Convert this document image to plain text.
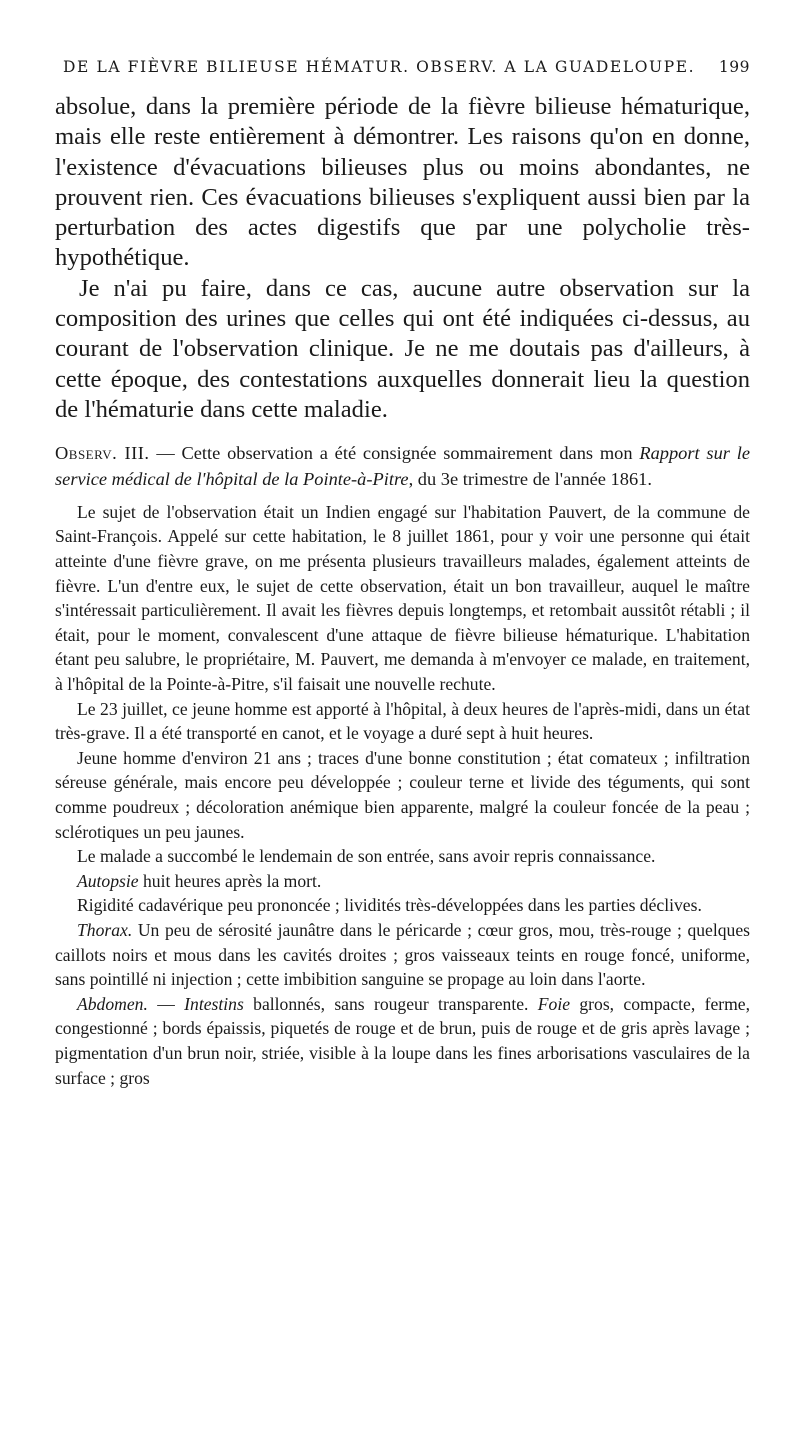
DE LA FIÈVRE BILIEUSE HÉMATUR. OBSERV. A LA GUADELOUPE. 199

absolue, dans la première période de la fièvre bilieuse hématurique, mais elle reste entièrement à démontrer. Les raisons qu'on en donne, l'existence d'évacuations bilieuses plus ou moins abondantes, ne prouvent rien. Ces évacuations bilieuses s'expliquent aussi bien par la perturbation des actes digestifs que par une polycholie très-hypothétique.

Je n'ai pu faire, dans ce cas, aucune autre observation sur la composition des urines que celles qui ont été indiquées ci-dessus, au courant de l'observation clinique. Je ne me doutais pas d'ailleurs, à cette époque, des contestations auxquelles donnerait lieu la question de l'hématurie dans cette maladie.

Observ. III. — Cette observation a été consignée sommairement dans mon Rapport sur le service médical de l'hôpital de la Pointe-à-Pitre, du 3e trimestre de l'année 1861.

Le sujet de l'observation était un Indien engagé sur l'habitation Pauvert, de la commune de Saint-François. Appelé sur cette habitation, le 8 juillet 1861, pour y voir une personne qui était atteinte d'une fièvre grave, on me présenta plusieurs travailleurs malades, également atteints de fièvre. L'un d'entre eux, le sujet de cette observation, était un bon travailleur, auquel le maître s'intéressait particulièrement. Il avait les fièvres depuis longtemps, et retombait aussitôt rétabli ; il était, pour le moment, convalescent d'une attaque de fièvre bilieuse hématurique. L'habitation étant peu salubre, le propriétaire, M. Pauvert, me demanda à m'envoyer ce malade, en traitement, à l'hôpital de la Pointe-à-Pitre, s'il faisait une nouvelle rechute.

Le 23 juillet, ce jeune homme est apporté à l'hôpital, à deux heures de l'après-midi, dans un état très-grave. Il a été transporté en canot, et le voyage a duré sept à huit heures.

Jeune homme d'environ 21 ans ; traces d'une bonne constitution ; état comateux ; infiltration séreuse générale, mais encore peu développée ; couleur terne et livide des téguments, qui sont comme poudreux ; décoloration anémique bien apparente, malgré la couleur foncée de la peau ; sclérotiques un peu jaunes.

Le malade a succombé le lendemain de son entrée, sans avoir repris connaissance.

Autopsie huit heures après la mort.

Rigidité cadavérique peu prononcée ; lividités très-développées dans les parties déclives.

Thorax. Un peu de sérosité jaunâtre dans le péricarde ; cœur gros, mou, très-rouge ; quelques caillots noirs et mous dans les cavités droites ; gros vaisseaux teints en rouge foncé, uniforme, sans pointillé ni injection ; cette imbibition sanguine se propage au loin dans l'aorte.

Abdomen. — Intestins ballonnés, sans rougeur transparente. Foie gros, compacte, ferme, congestionné ; bords épaissis, piquetés de rouge et de brun, puis de rouge et de gris après lavage ; pigmentation d'un brun noir, striée, visible à la loupe dans les fines arborisations vasculaires de la surface ; gros
